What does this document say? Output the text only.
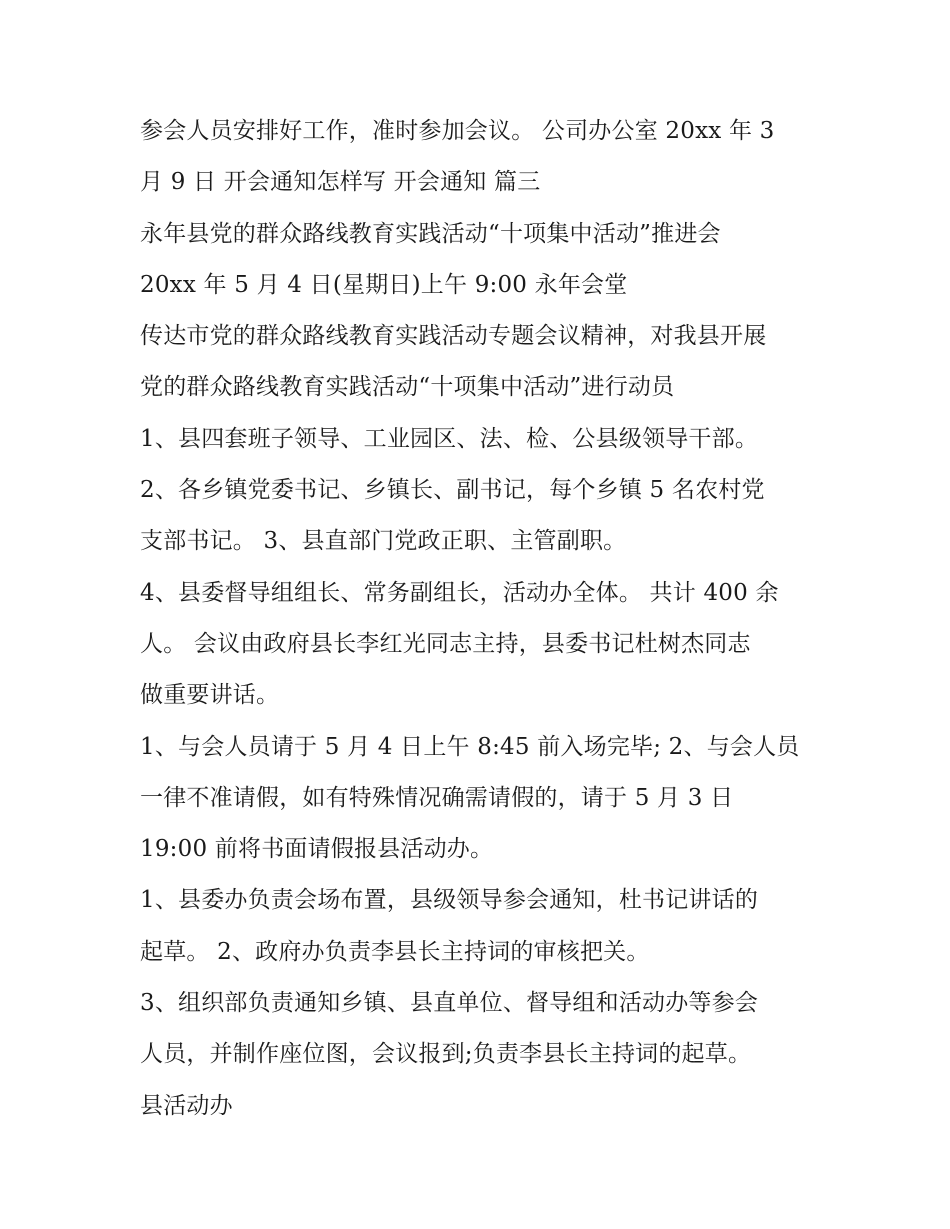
参会人员安排好工作，准时参加会议。 公司办公室 20xx 年 3
月 9 日 开会通知怎样写 开会通知 篇三
永年县党的群众路线教育实践活动“十项集中活动”推进会
20xx 年 5 月 4 日(星期日)上午 9:00 永年会堂
传达市党的群众路线教育实践活动专题会议精神，对我县开展
党的群众路线教育实践活动“十项集中活动”进行动员
1、县四套班子领导、工业园区、法、检、公县级领导干部。
2、各乡镇党委书记、乡镇长、副书记，每个乡镇 5 名农村党
支部书记。 3、县直部门党政正职、主管副职。
4、县委督导组组长、常务副组长，活动办全体。 共计 400 余
人。 会议由政府县长李红光同志主持，县委书记杜树杰同志
做重要讲话。
1、与会人员请于 5 月 4 日上午 8:45 前入场完毕; 2、与会人员
一律不准请假，如有特殊情况确需请假的，请于 5 月 3 日
19:00 前将书面请假报县活动办。
1、县委办负责会场布置，县级领导参会通知，杜书记讲话的
起草。 2、政府办负责李县长主持词的审核把关。
3、组织部负责通知乡镇、县直单位、督导组和活动办等参会
人员，并制作座位图，会议报到;负责李县长主持词的起草。
县活动办
